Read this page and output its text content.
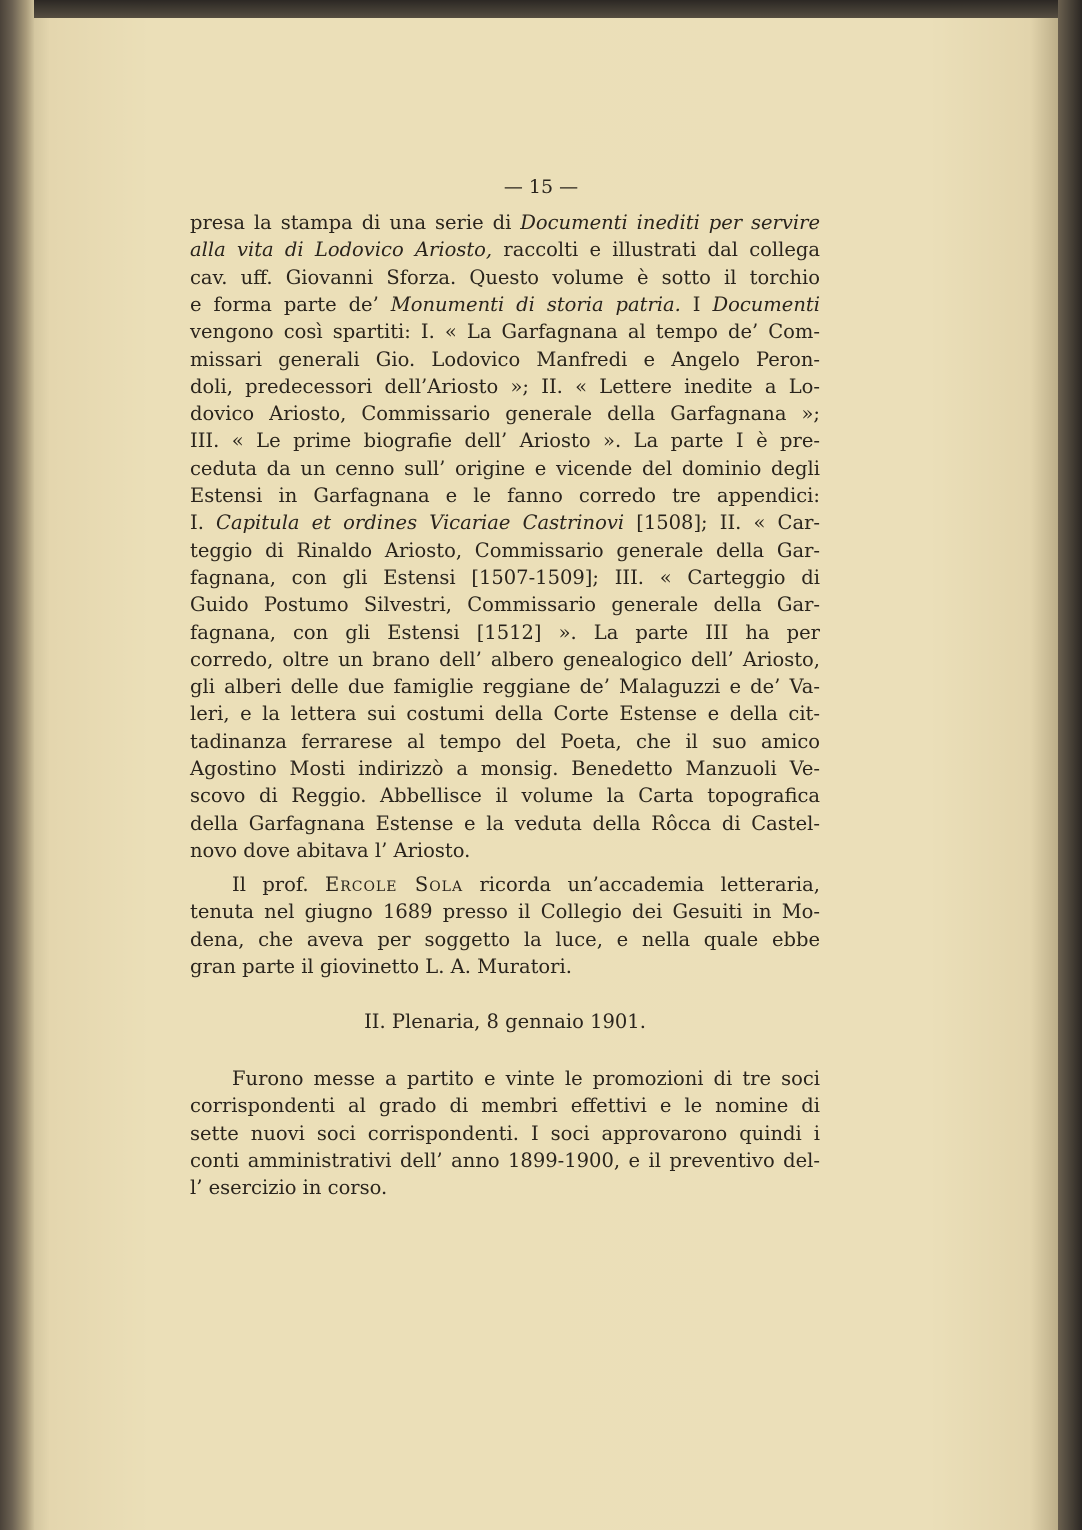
— 15 —
presa la stampa di una serie di Documenti inediti per servire
alla vita di Lodovico Ariosto, raccolti e illustrati dal collega
cav. uff. Giovanni Sforza. Questo volume è sotto il torchio
e forma parte de’ Monumenti di storia patria. I Documenti
vengono così spartiti: I. « La Garfagnana al tempo de’ Com-
missari generali Gio. Lodovico Manfredi e Angelo Peron-
doli, predecessori dell’Ariosto »; II. « Lettere inedite a Lo-
dovico Ariosto, Commissario generale della Garfagnana »;
III. « Le prime biografie dell’ Ariosto ». La parte I è pre-
ceduta da un cenno sull’ origine e vicende del dominio degli
Estensi in Garfagnana e le fanno corredo tre appendici:
I. Capitula et ordines Vicariae Castrinovi [1508]; II. « Car-
teggio di Rinaldo Ariosto, Commissario generale della Gar-
fagnana, con gli Estensi [1507-1509]; III. « Carteggio di
Guido Postumo Silvestri, Commissario generale della Gar-
fagnana, con gli Estensi [1512] ». La parte III ha per
corredo, oltre un brano dell’ albero genealogico dell’ Ariosto,
gli alberi delle due famiglie reggiane de’ Malaguzzi e de’ Va-
leri, e la lettera sui costumi della Corte Estense e della cit-
tadinanza ferrarese al tempo del Poeta, che il suo amico
Agostino Mosti indirizzò a monsig. Benedetto Manzuoli Ve-
scovo di Reggio. Abbellisce il volume la Carta topografica
della Garfagnana Estense e la veduta della Rôcca di Castel-
novo dove abitava l’ Ariosto.
Il prof. Ercole Sola ricorda un’accademia letteraria,
tenuta nel giugno 1689 presso il Collegio dei Gesuiti in Mo-
dena, che aveva per soggetto la luce, e nella quale ebbe
gran parte il giovinetto L. A. Muratori.
II. Plenaria, 8 gennaio 1901.
Furono messe a partito e vinte le promozioni di tre soci
corrispondenti al grado di membri effettivi e le nomine di
sette nuovi soci corrispondenti. I soci approvarono quindi i
conti amministrativi dell’ anno 1899-1900, e il preventivo del-
l’ esercizio in corso.
